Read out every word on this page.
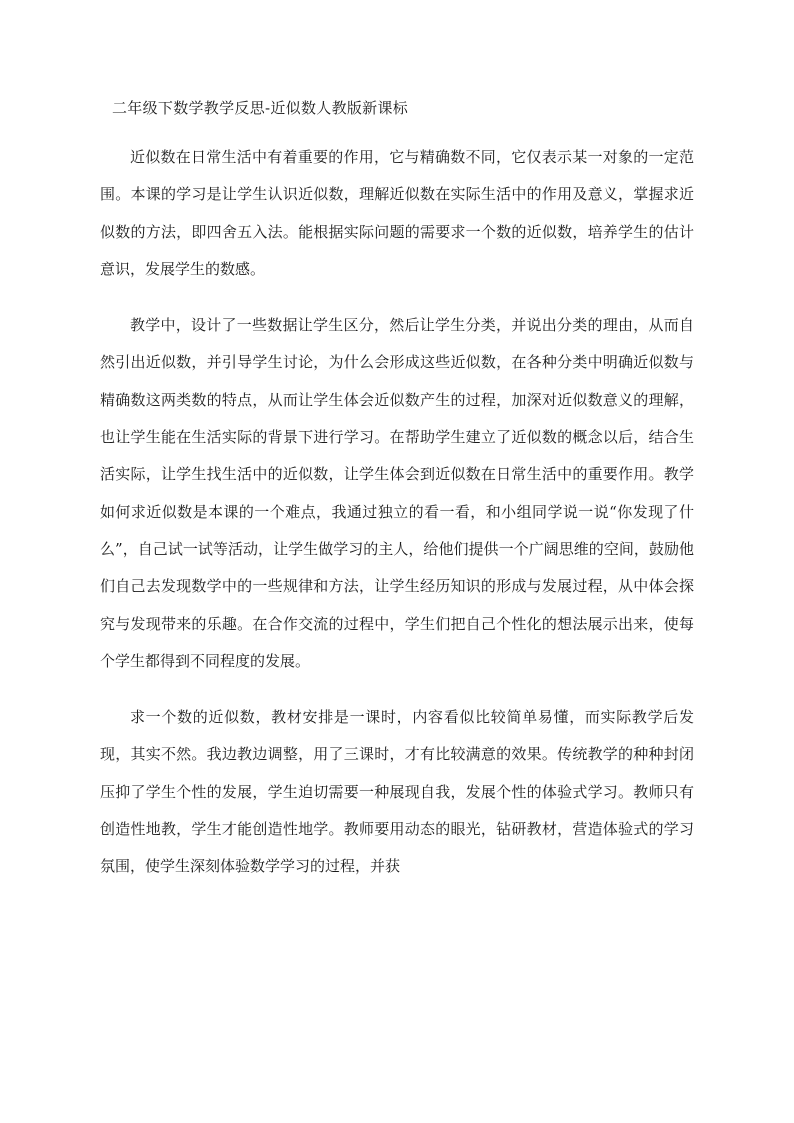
二年级下数学教学反思-近似数人教版新课标

近似数在日常生活中有着重要的作用，它与精确数不同，它仅表示某一对象的一定范围。本课的学习是让学生认识近似数，理解近似数在实际生活中的作用及意义，掌握求近似数的方法，即四舍五入法。能根据实际问题的需要求一个数的近似数，培养学生的估计意识，发展学生的数感。

教学中，设计了一些数据让学生区分，然后让学生分类，并说出分类的理由，从而自然引出近似数，并引导学生讨论，为什么会形成这些近似数，在各种分类中明确近似数与精确数这两类数的特点，从而让学生体会近似数产生的过程，加深对近似数意义的理解，也让学生能在生活实际的背景下进行学习。在帮助学生建立了近似数的概念以后，结合生活实际，让学生找生活中的近似数，让学生体会到近似数在日常生活中的重要作用。教学如何求近似数是本课的一个难点，我通过独立的看一看，和小组同学说一说“你发现了什么”，自己试一试等活动，让学生做学习的主人，给他们提供一个广阔思维的空间，鼓励他们自己去发现数学中的一些规律和方法，让学生经历知识的形成与发展过程，从中体会探究与发现带来的乐趣。在合作交流的过程中，学生们把自己个性化的想法展示出来，使每个学生都得到不同程度的发展。

求一个数的近似数，教材安排是一课时，内容看似比较简单易懂，而实际教学后发现，其实不然。我边教边调整，用了三课时，才有比较满意的效果。传统教学的种种封闭压抑了学生个性的发展，学生迫切需要一种展现自我，发展个性的体验式学习。教师只有创造性地教，学生才能创造性地学。教师要用动态的眼光，钻研教材，营造体验式的学习氛围，使学生深刻体验数学学习的过程，并获
